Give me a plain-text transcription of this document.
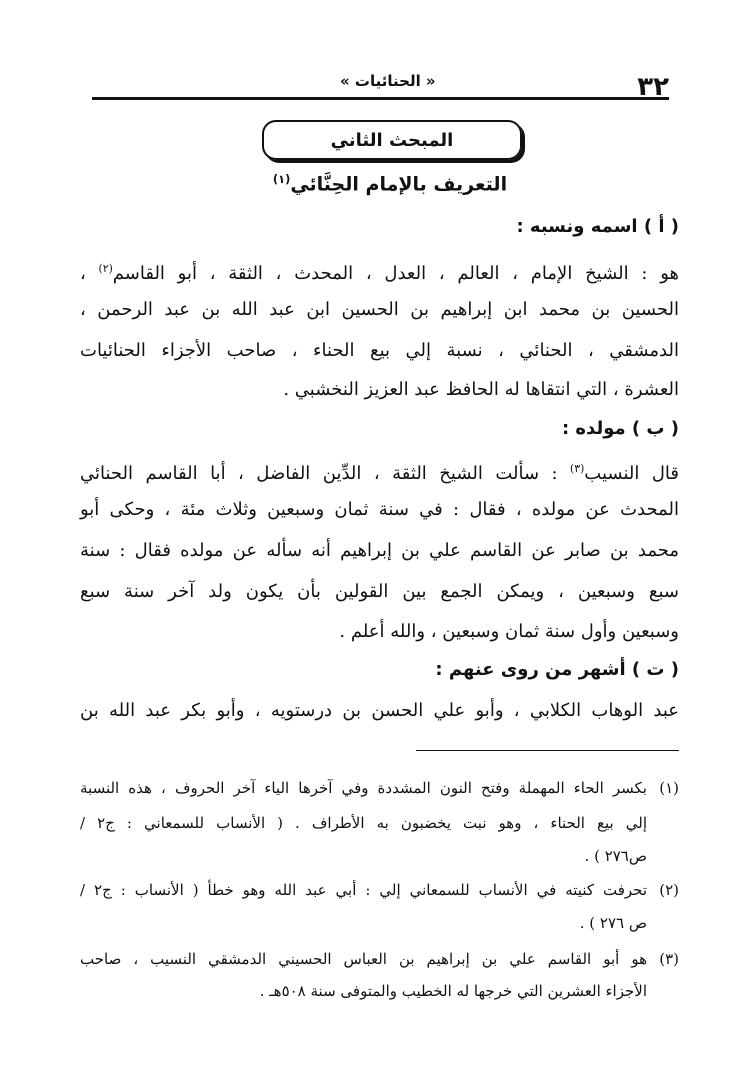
٣٢
« الحنائيات »
المبحث الثاني
التعريف بالإمام الحِنَّائي$^{(١)}$
( أ ) اسمه ونسبه :
هو : الشيخ الإمام ، العالم ، العدل ، المحدث ، الثقة ، أبو القاسم$^{(٢)}$ ،
الحسين بن محمد ابن إبراهيم بن الحسين ابن عبد الله بن عبد الرحمن ،
الدمشقي ، الحنائي ، نسبة إلي بيع الحناء ، صاحب الأجزاء الحنائيات
العشرة ، التي انتقاها له الحافظ عبد العزيز النخشبي .
( ب ) مولده :
قال النسيب$^{(٣)}$ : سألت الشيخ الثقة ، الدِّين الفاضل ، أبا القاسم الحنائي
المحدث عن مولده ، فقال : في سنة ثمان وسبعين وثلاث مئة ، وحكى أبو
محمد بن صابر عن القاسم علي بن إبراهيم أنه سأله عن مولده فقال : سنة
سبع وسبعين ، ويمكن الجمع بين القولين بأن يكون ولد آخر سنة سبع
وسبعين وأول سنة ثمان وسبعين ، والله أعلم .
( ت ) أشهر من روى عنهم :
عبد الوهاب الكلابي ، وأبو علي الحسن بن درستويه ، وأبو بكر عبد الله بن
(١)
بكسر الحاء المهملة وفتح النون المشددة وفي آخرها الياء آخر الحروف ، هذه النسبة
إلي بيع الحناء ، وهو نبت يخضبون به الأطراف . ( الأنساب للسمعاني : ج٢ /
ص٢٧٦ ) .
(٢)
تحرفت كنيته في الأنساب للسمعاني إلي : أبي عبد الله وهو خطأ ( الأنساب : ج٢ /
ص ٢٧٦ ) .
(٣)
هو أبو القاسم علي بن إبراهيم بن العباس الحسيني الدمشقي النسيب ، صاحب
الأجزاء العشرين التي خرجها له الخطيب والمتوفى سنة ٥٠٨هـ .
